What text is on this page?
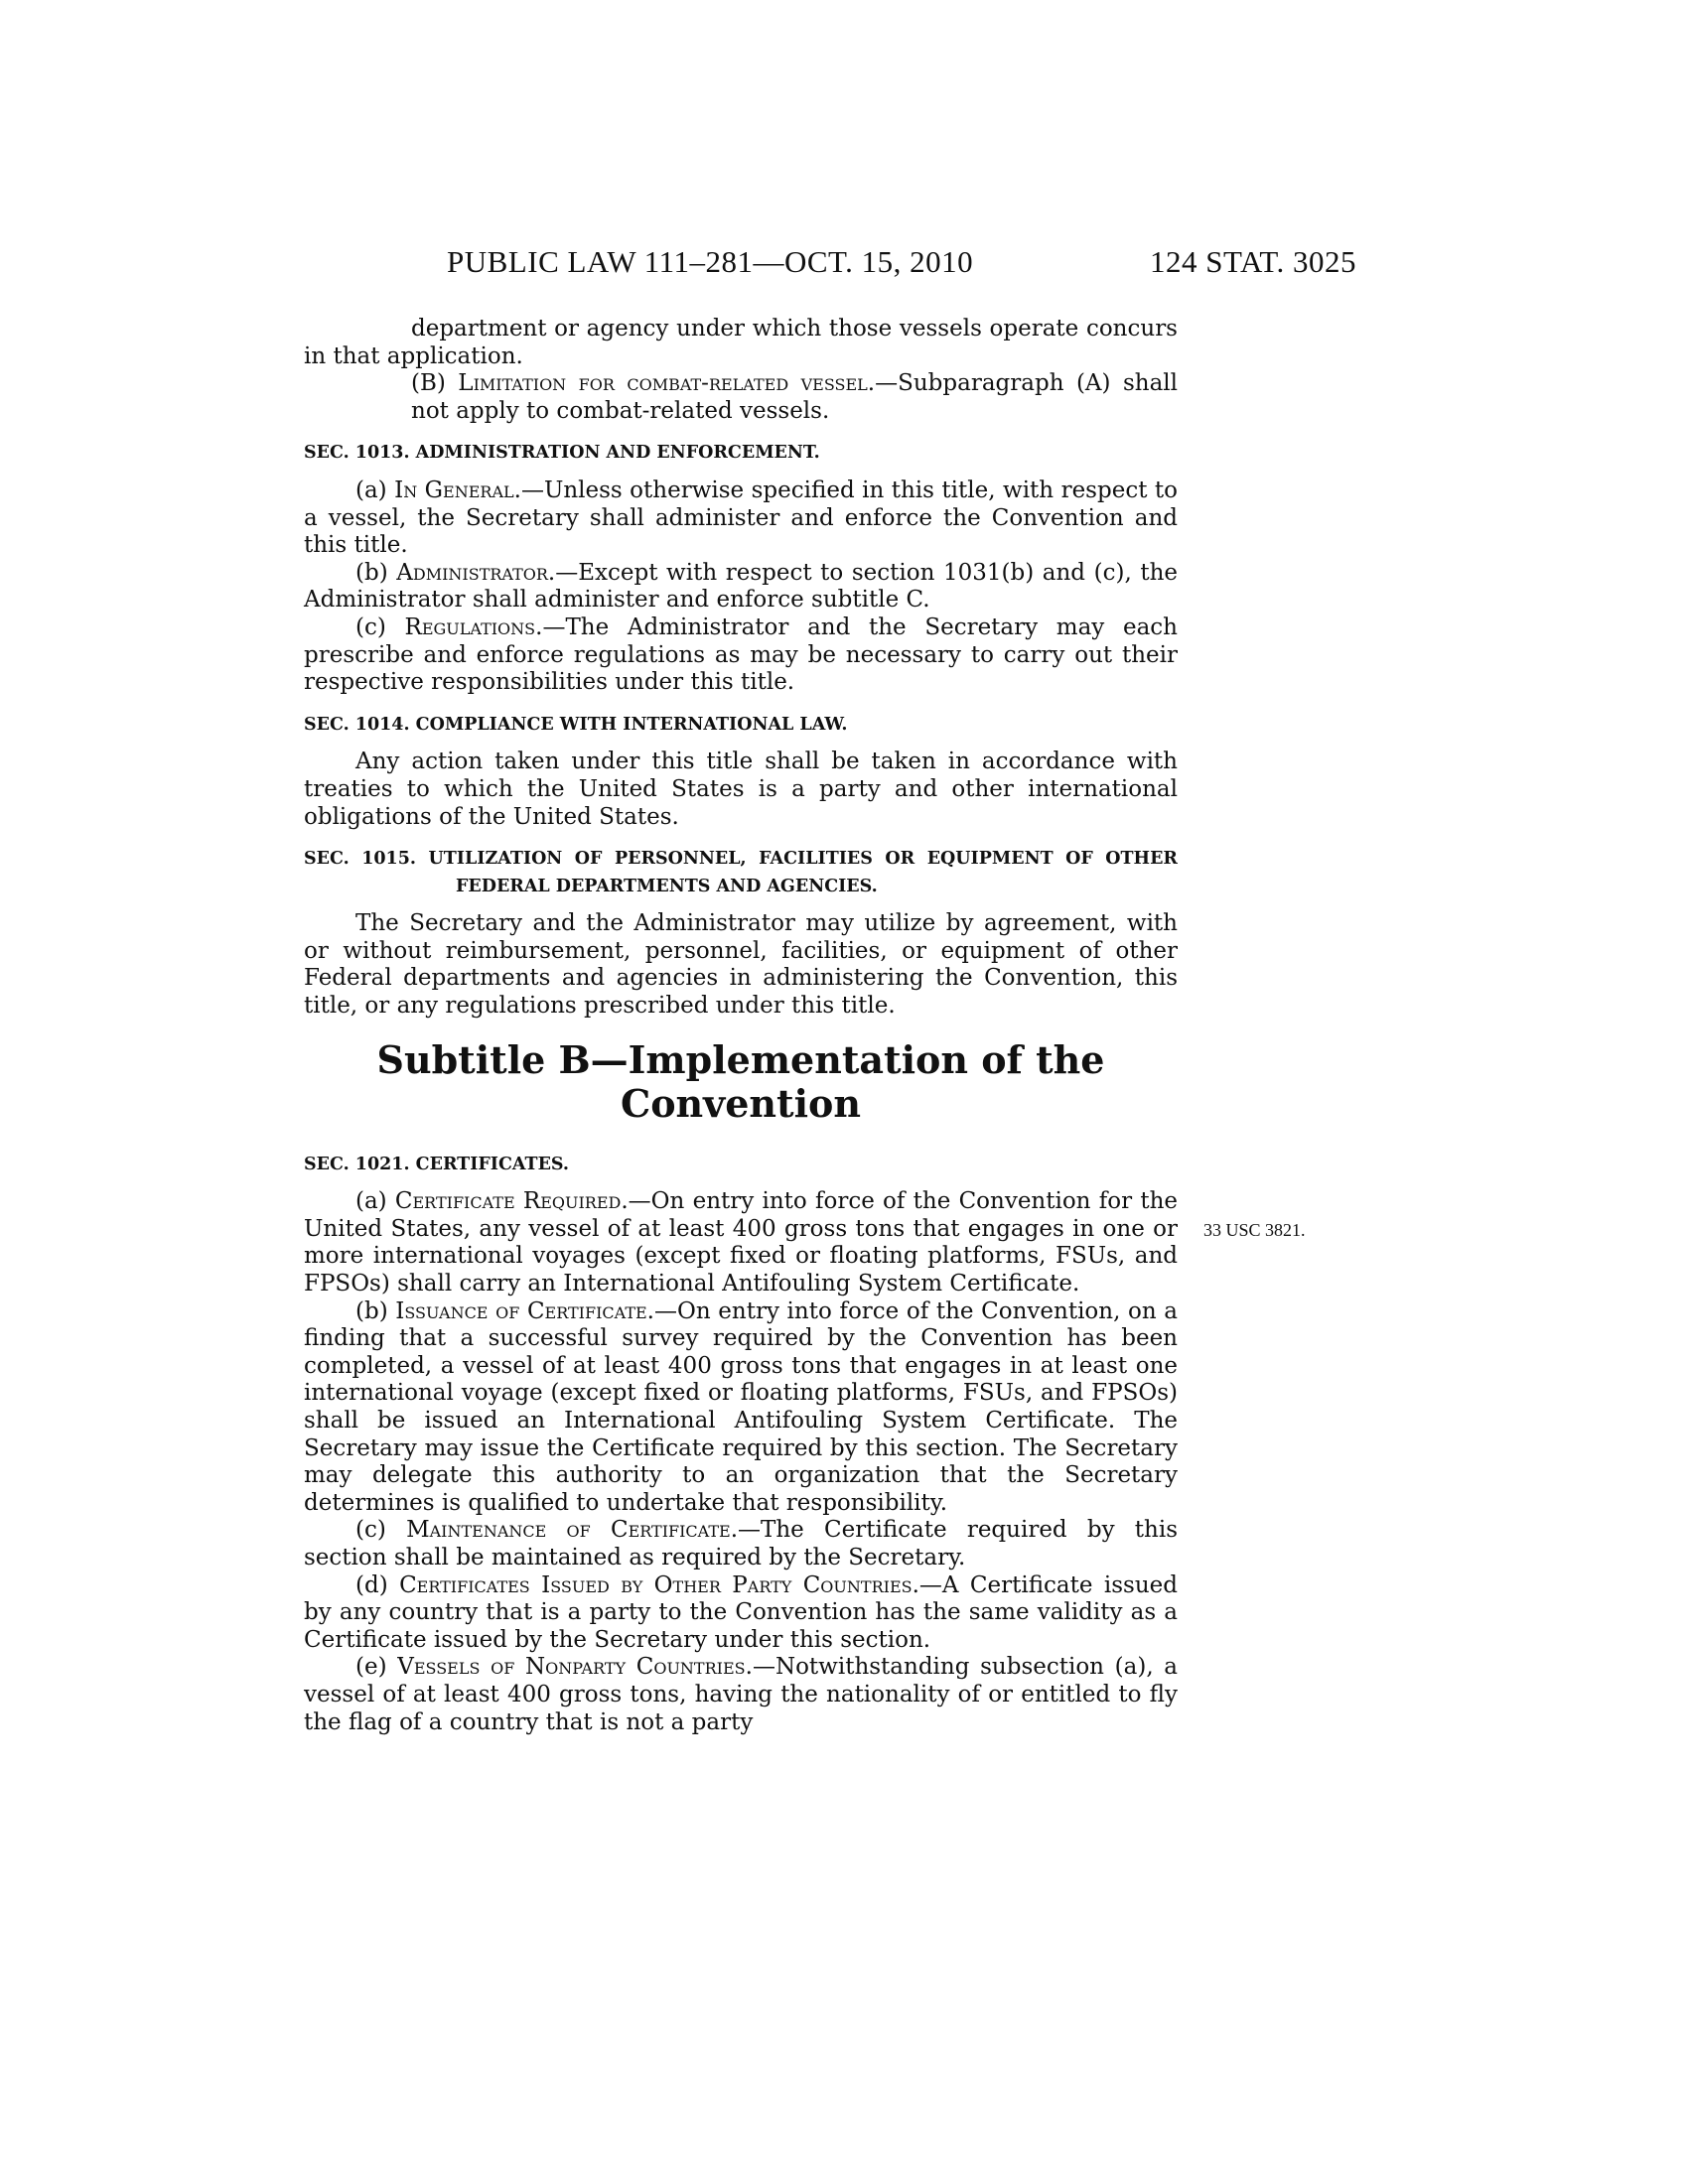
PUBLIC LAW 111–281—OCT. 15, 2010	124 STAT. 3025
33 USC 3821.

department or agency under which those vessels operate concurs in that application.

(B) Limitation for combat-related vessel.—Subparagraph (A) shall not apply to combat-related vessels.

SEC. 1013. ADMINISTRATION AND ENFORCEMENT.

(a) In General.—Unless otherwise specified in this title, with respect to a vessel, the Secretary shall administer and enforce the Convention and this title.

(b) Administrator.—Except with respect to section 1031(b) and (c), the Administrator shall administer and enforce subtitle C.

(c) Regulations.—The Administrator and the Secretary may each prescribe and enforce regulations as may be necessary to carry out their respective responsibilities under this title.

SEC. 1014. COMPLIANCE WITH INTERNATIONAL LAW.

Any action taken under this title shall be taken in accordance with treaties to which the United States is a party and other international obligations of the United States.

SEC. 1015. UTILIZATION OF PERSONNEL, FACILITIES OR EQUIPMENT OF OTHER FEDERAL DEPARTMENTS AND AGENCIES.

The Secretary and the Administrator may utilize by agreement, with or without reimbursement, personnel, facilities, or equipment of other Federal departments and agencies in administering the Convention, this title, or any regulations prescribed under this title.

Subtitle B—Implementation of the
Convention
SEC. 1021. CERTIFICATES.

(a) Certificate Required.—On entry into force of the Convention for the United States, any vessel of at least 400 gross tons that engages in one or more international voyages (except fixed or floating platforms, FSUs, and FPSOs) shall carry an International Antifouling System Certificate.

(b) Issuance of Certificate.—On entry into force of the Convention, on a finding that a successful survey required by the Convention has been completed, a vessel of at least 400 gross tons that engages in at least one international voyage (except fixed or floating platforms, FSUs, and FPSOs) shall be issued an International Antifouling System Certificate. The Secretary may issue the Certificate required by this section. The Secretary may delegate this authority to an organization that the Secretary determines is qualified to undertake that responsibility.

(c) Maintenance of Certificate.—The Certificate required by this section shall be maintained as required by the Secretary.

(d) Certificates Issued by Other Party Countries.—A Certificate issued by any country that is a party to the Convention has the same validity as a Certificate issued by the Secretary under this section.

(e) Vessels of Nonparty Countries.—Notwithstanding subsection (a), a vessel of at least 400 gross tons, having the nationality of or entitled to fly the flag of a country that is not a party
